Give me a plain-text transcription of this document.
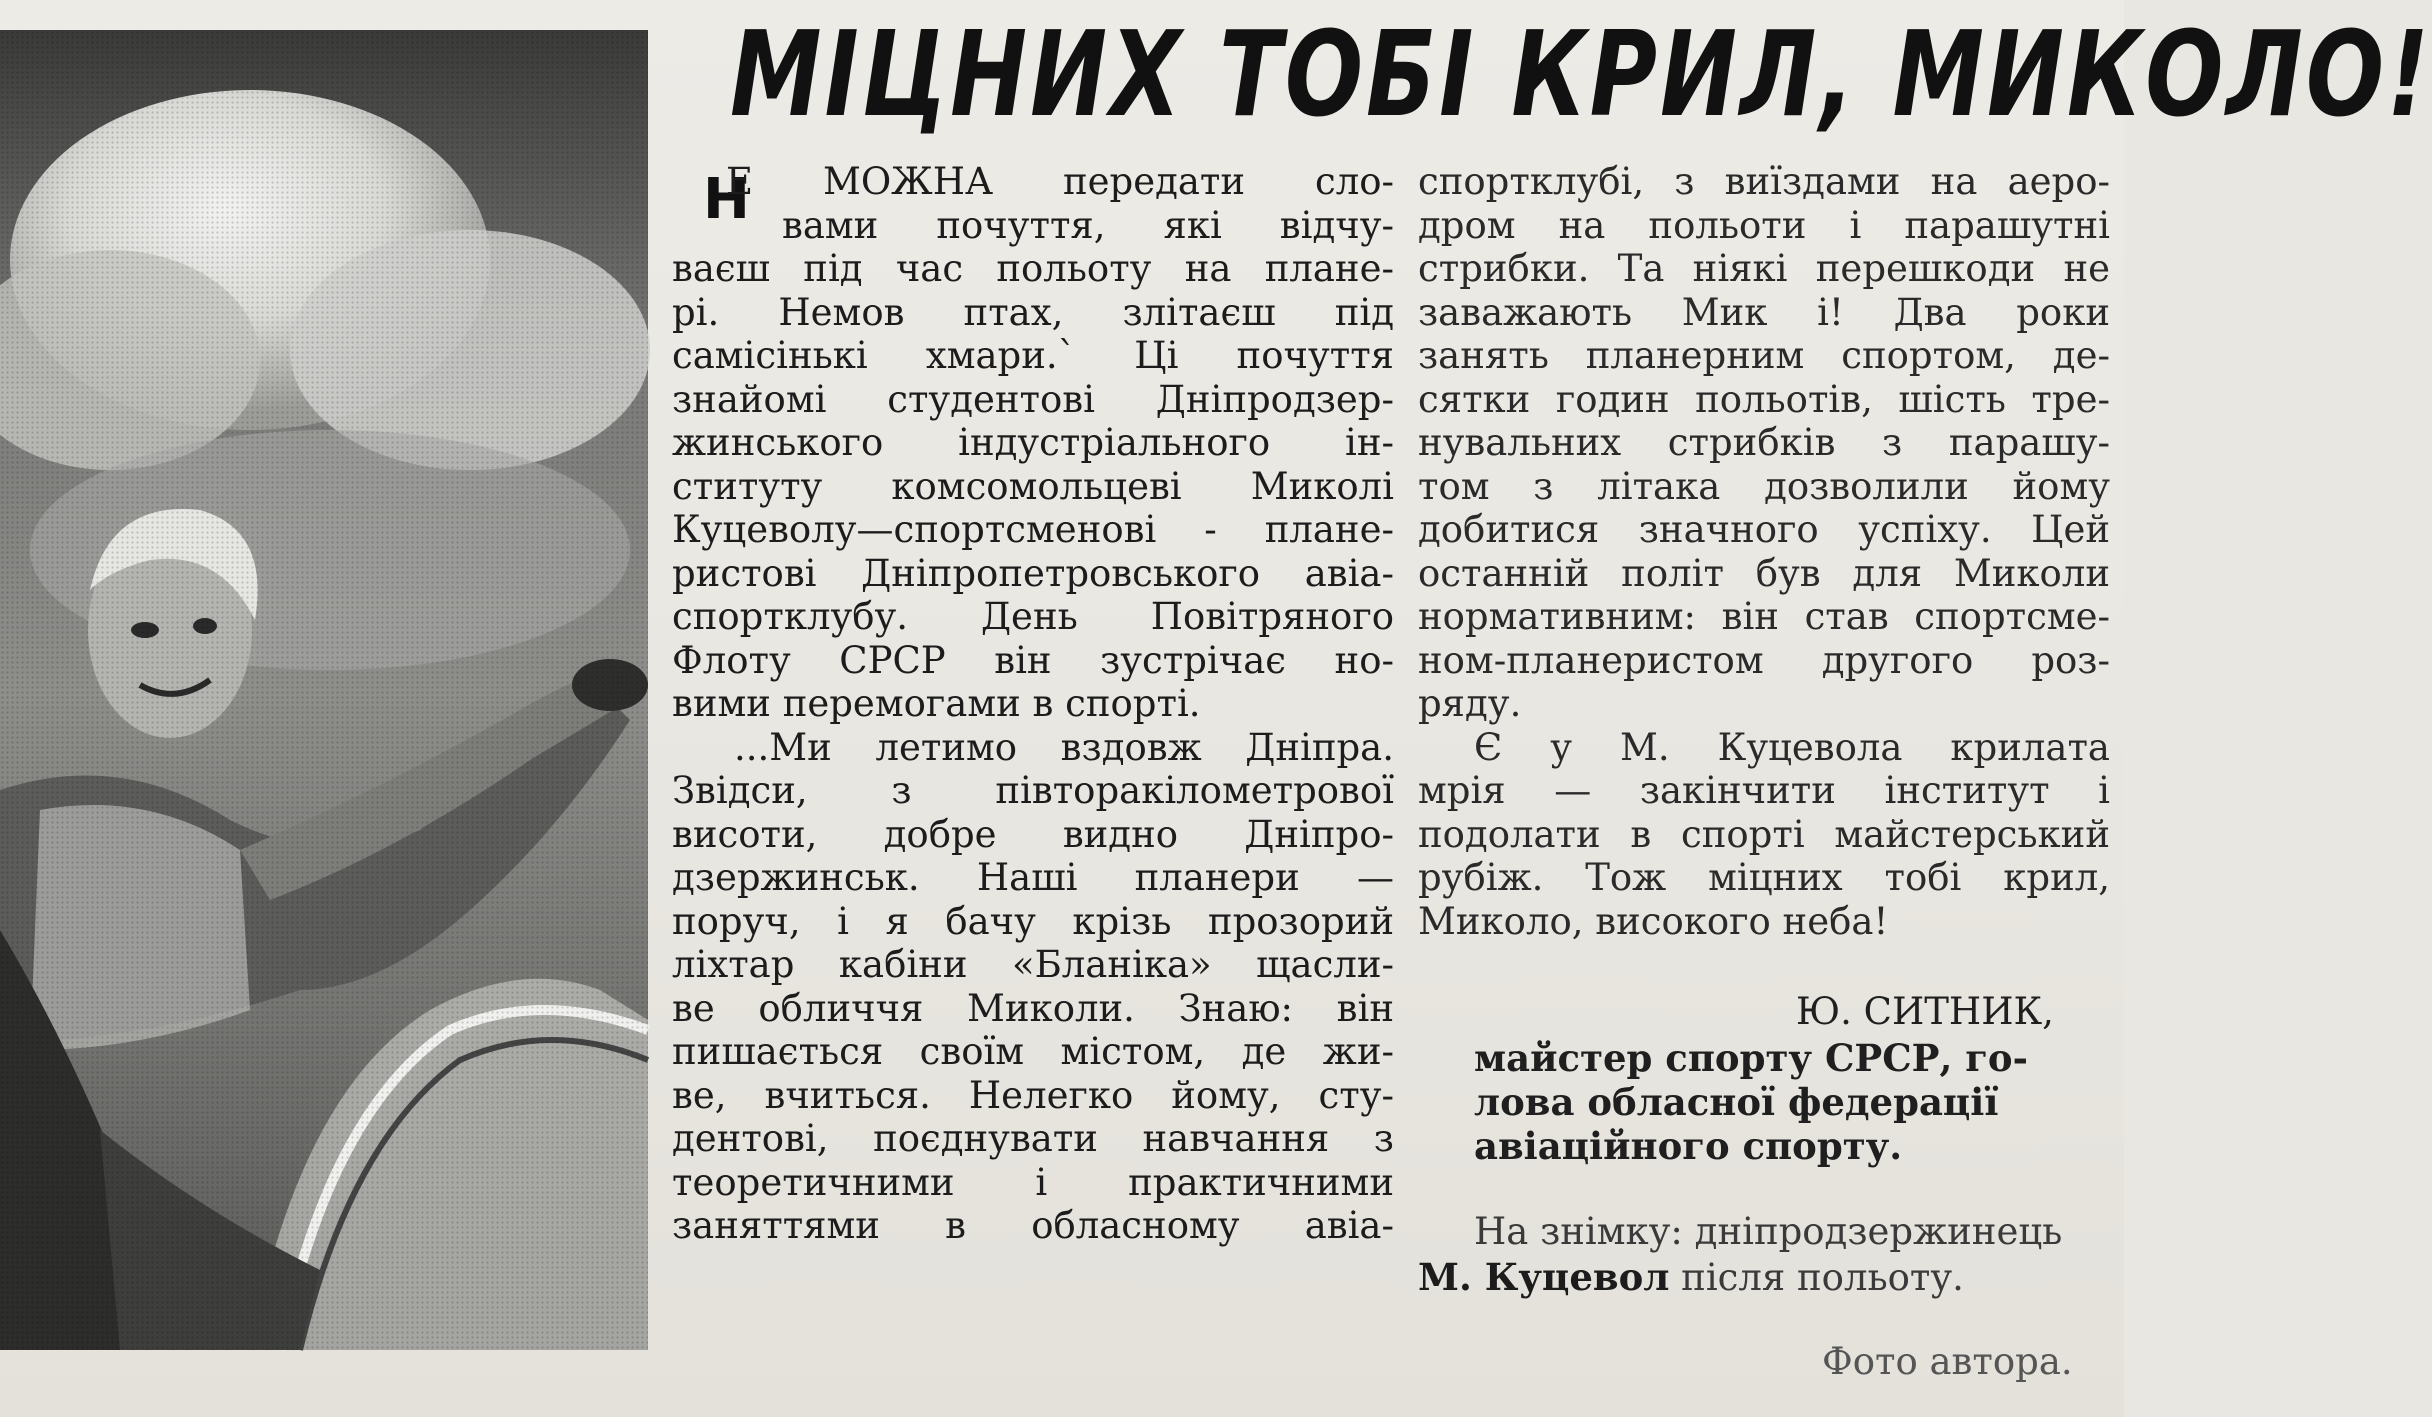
МІЦНИХ ТОБІ КРИЛ, МИКОЛО!
Н
Е МОЖНА передати сло-
вами почуття, які відчу-
ваєш під час польоту на плане-
рі. Немов птах, злітаєш під
самісінькі хмари.` Ці почуття
знайомі студентові Дніпродзер-
жинського індустріального ін-
ституту комсомольцеві Миколі
Куцеволу—спортсменові - плане-
ристові Дніпропетровського авіа-
спортклубу. День Повітряного
Флоту СРСР він зустрічає но-
вими перемогами в спорті.
...Ми летимо вздовж Дніпра.
Звідси, з півторакілометрової
висоти, добре видно Дніпро-
дзержинськ. Наші планери —
поруч, і я бачу крізь прозорий
ліхтар кабіни «Бланіка» щасли-
ве обличчя Миколи. Знаю: він
пишається своїм містом, де жи-
ве, вчиться. Нелегко йому, сту-
дентові, поєднувати навчання з
теоретичними і практичними
заняттями в обласному авіа-
спортклубі, з виїздами на аеро-
дром на польоти і парашутні
стрибки. Та ніякі перешкоди не
заважають Мик і! Два роки
занять планерним спортом, де-
сятки годин польотів, шість тре-
нувальних стрибків з парашу-
том з літака дозволили йому
добитися значного успіху. Цей
останній політ був для Миколи
нормативним: він став спортсме-
ном-планеристом другого роз-
ряду.
Є у М. Куцевола крилата
мрія — закінчити інститут і
подолати в спорті майстерський
рубіж. Тож міцних тобі крил,
Миколо, високого неба!
Ю. СИТНИК,
майстер спорту СРСР, го-
лова обласної федерації
авіаційного спорту.
На знімку: дніпродзержинець
М. Куцевол після польоту.
Фото автора.
